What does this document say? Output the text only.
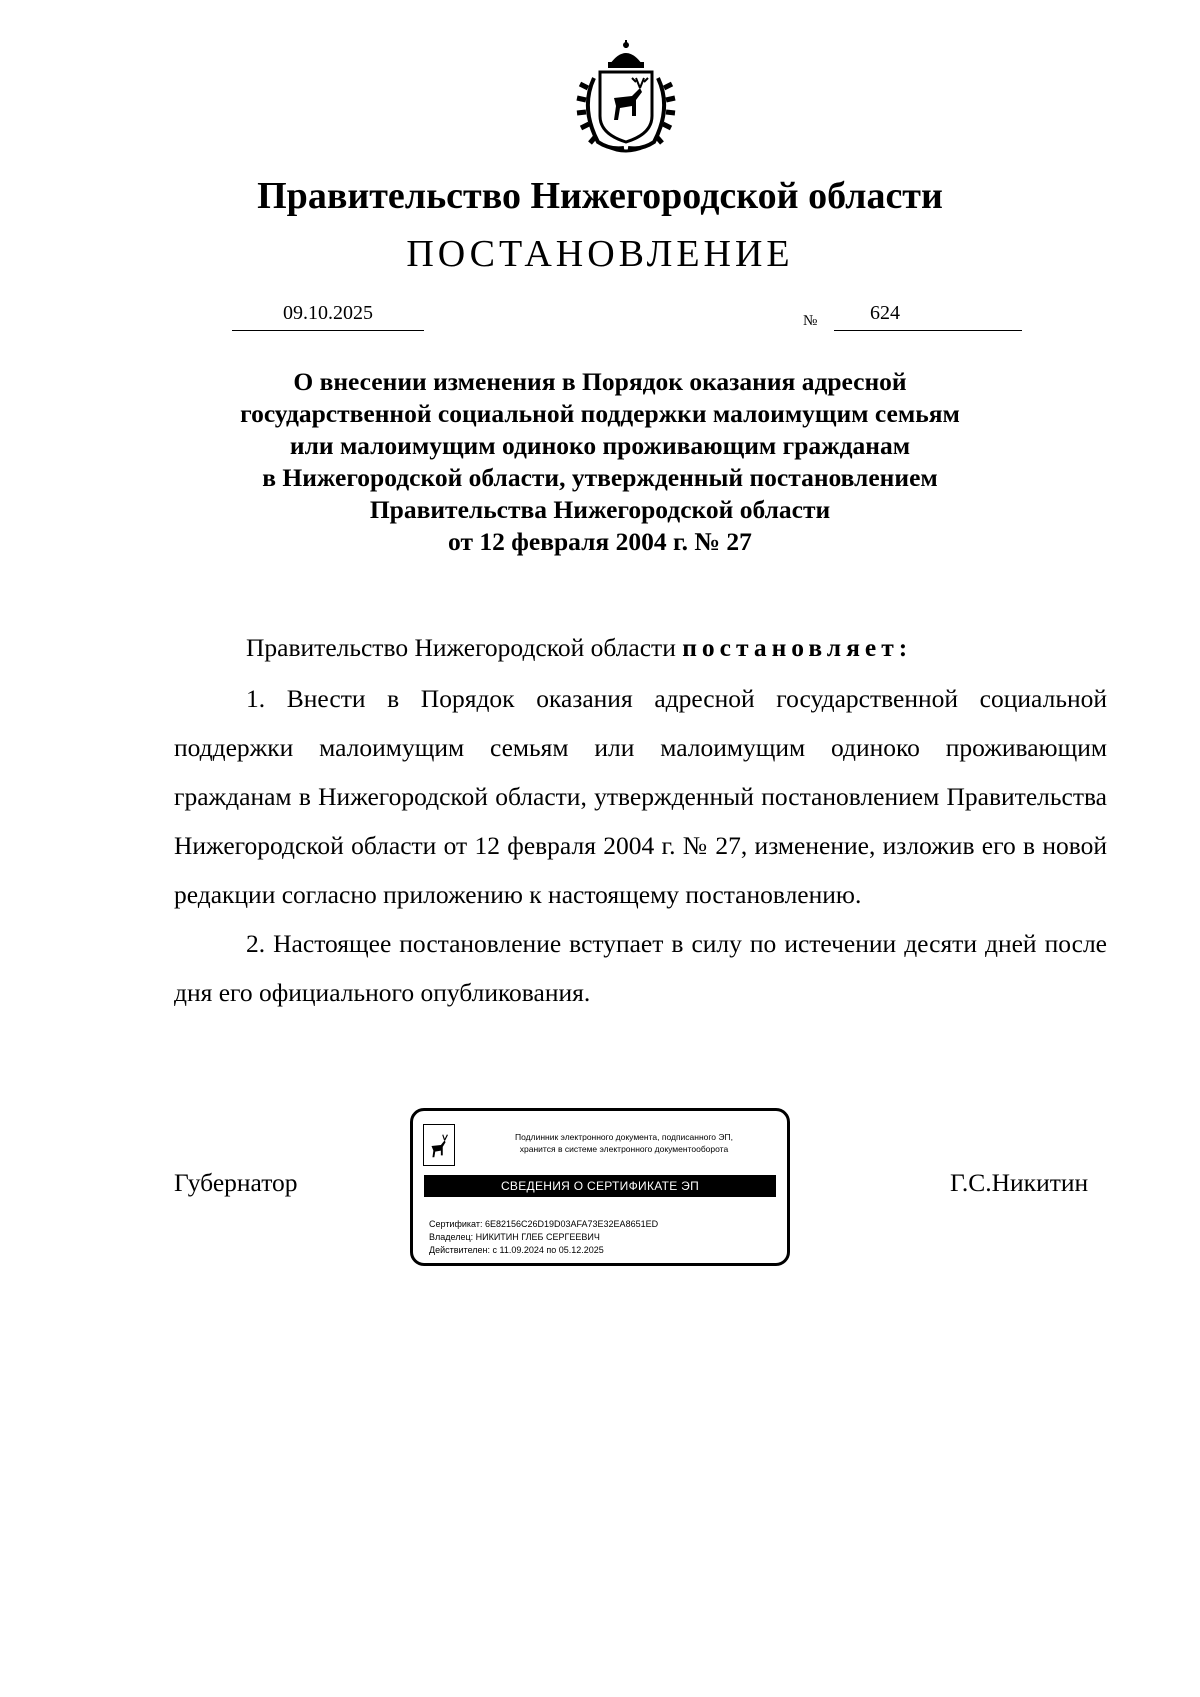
Правительство Нижегородской области
ПОСТАНОВЛЕНИЕ
09.10.2025	№	624
О внесении изменения в Порядок оказания адресной
государственной социальной поддержки малоимущим семьям
или малоимущим одиноко проживающим гражданам
в Нижегородской области, утвержденный постановлением
Правительства Нижегородской области
от 12 февраля 2004 г. № 27
Правительство Нижегородской области постановляет:

1. Внести в Порядок оказания адресной государственной социальной поддержки малоимущим семьям или малоимущим одиноко проживающим гражданам в Нижегородской области, утвержденный постановлением Правительства Нижегородской области от 12 февраля 2004 г. № 27, изменение, изложив его в новой редакции согласно приложению к настоящему постановлению.

2. Настоящее постановление вступает в силу по истечении десяти дней после дня его официального опубликования.

Губернатор	Г.С.Никитин
Подлинник электронного документа, подписанного ЭП,
хранится в системе электронного документооборота
СВЕДЕНИЯ О СЕРТИФИКАТЕ ЭП
Сертификат: 6E82156C26D19D03AFA73E32EA8651ED
Владелец: НИКИТИН ГЛЕБ СЕРГЕЕВИЧ
Действителен: с 11.09.2024 по 05.12.2025
